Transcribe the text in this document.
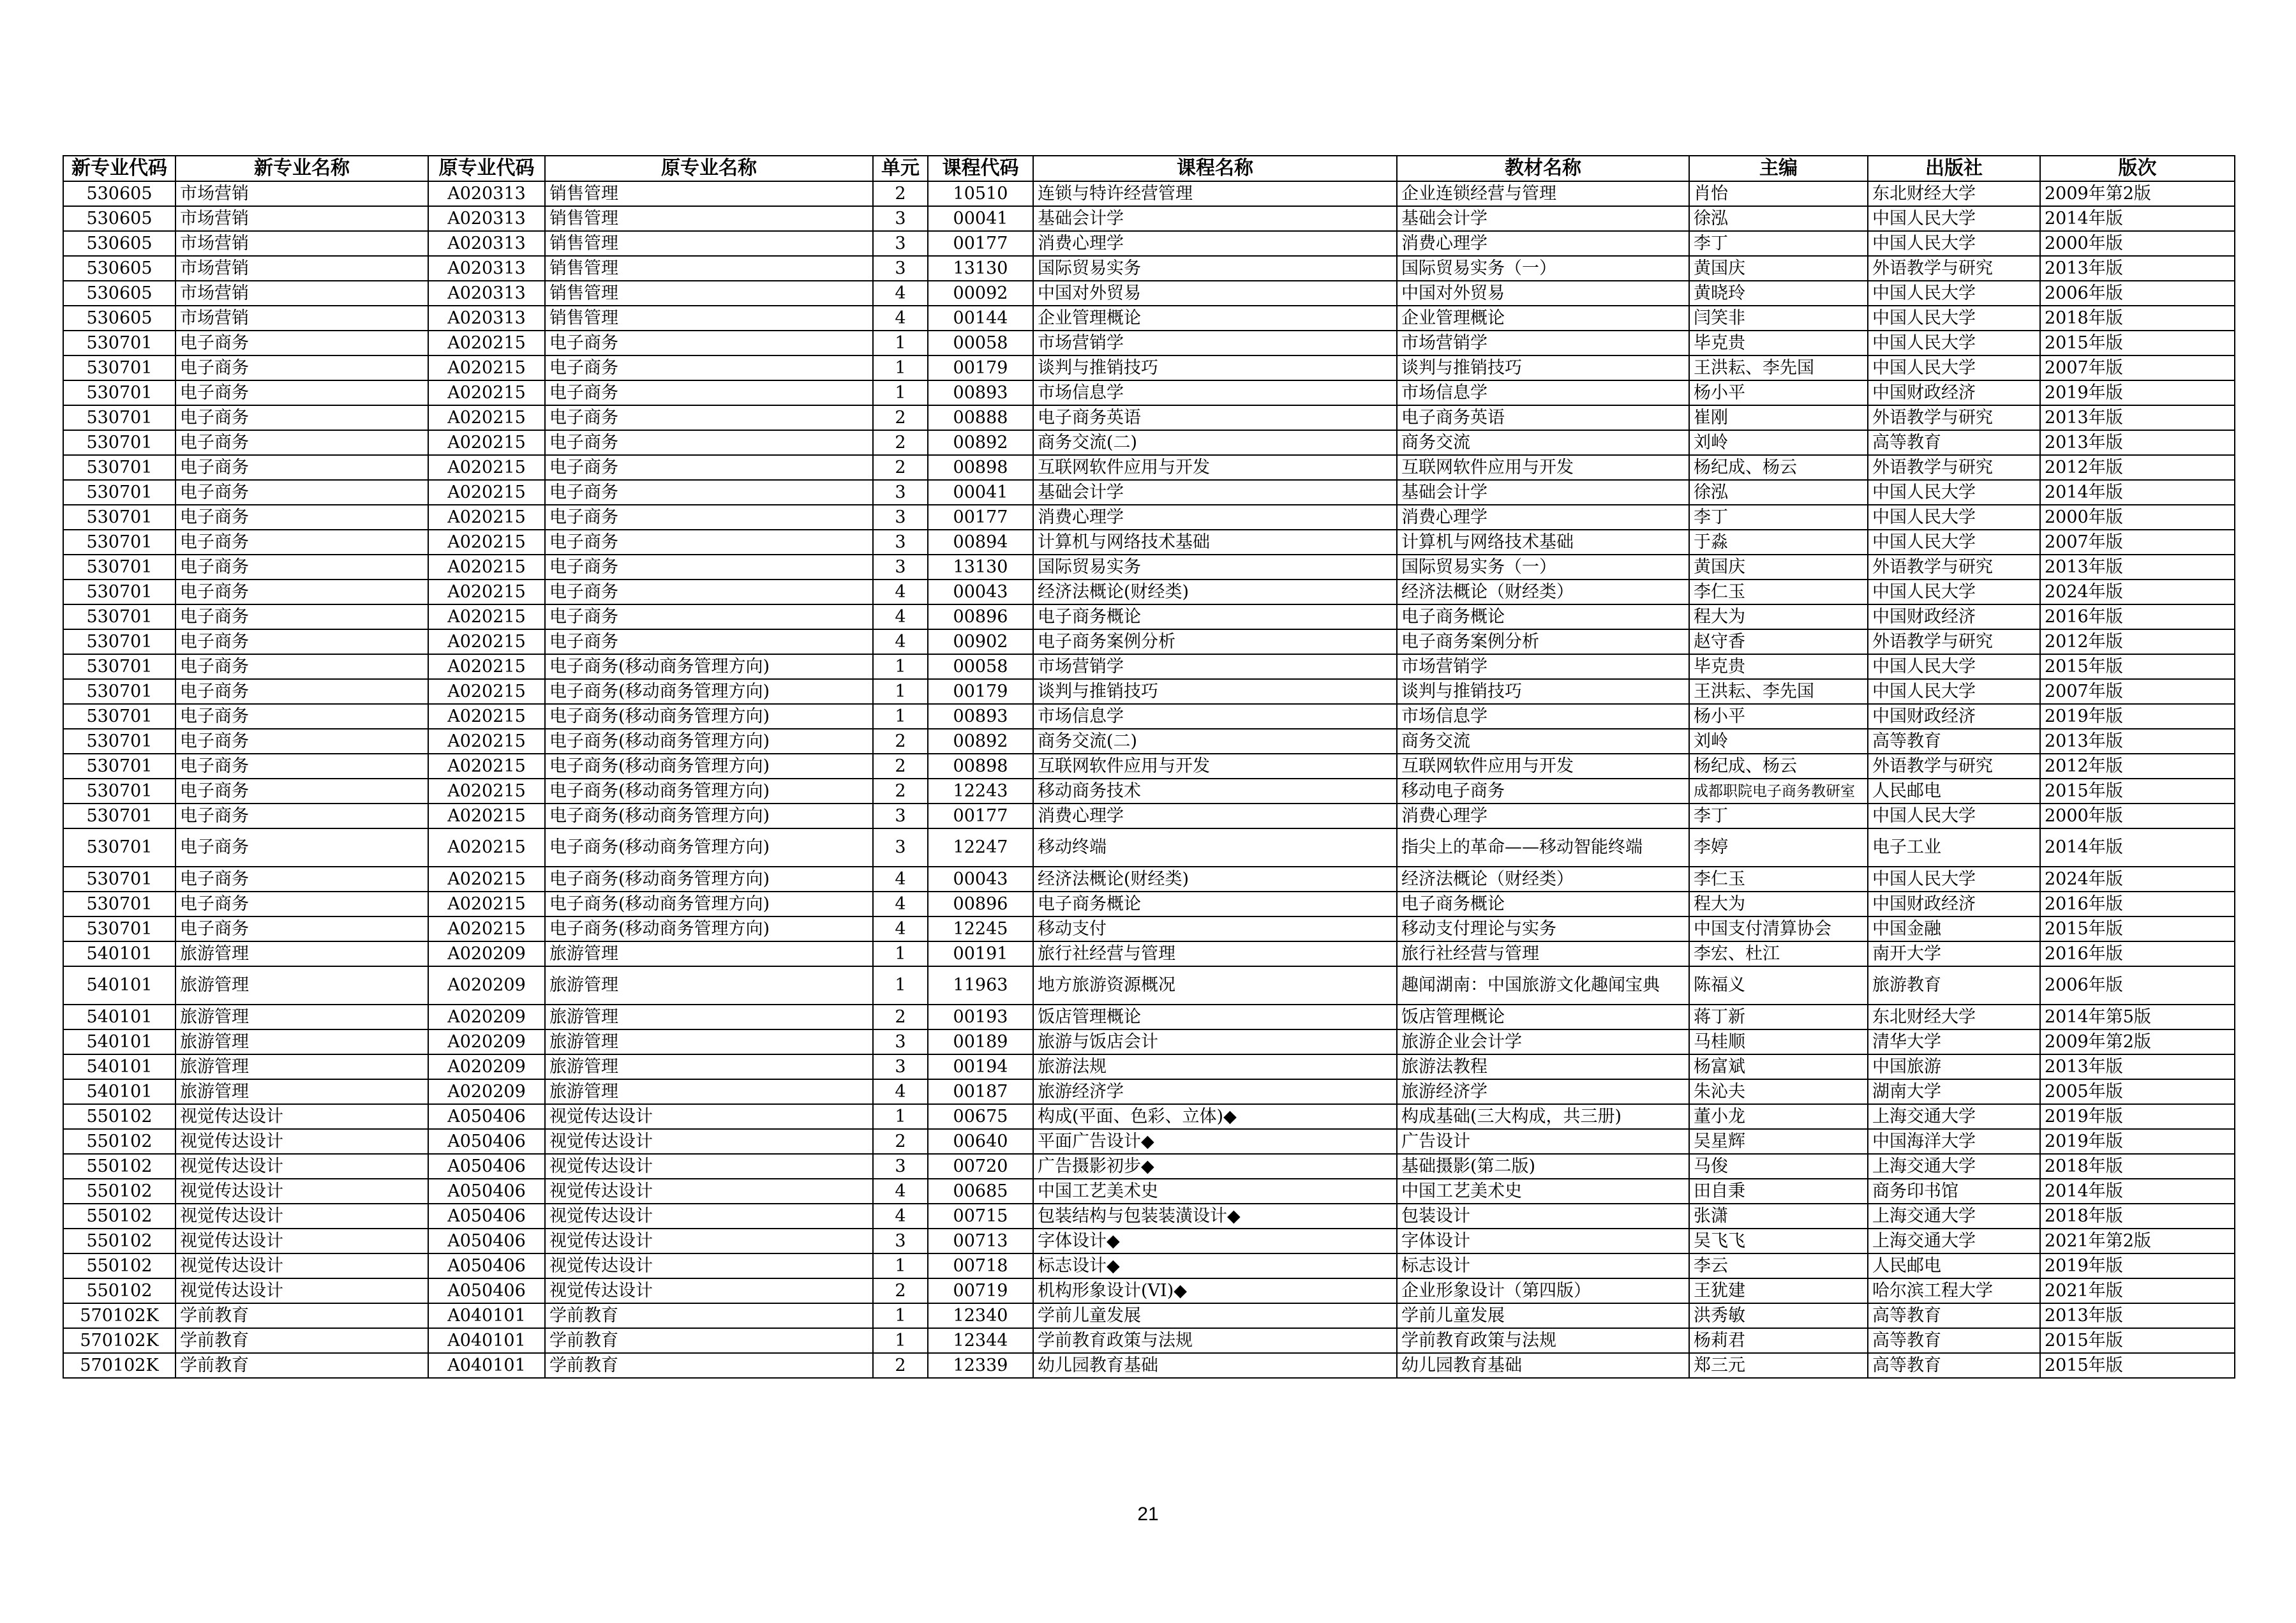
新专业代码	新专业名称	原专业代码	原专业名称	单元	课程代码	课程名称	教材名称	主编	出版社	版次
530605	市场营销	A020313	销售管理	2	10510	连锁与特许经营管理	企业连锁经营与管理	肖怡	东北财经大学	2009年第2版
530605	市场营销	A020313	销售管理	3	00041	基础会计学	基础会计学	徐泓	中国人民大学	2014年版
530605	市场营销	A020313	销售管理	3	00177	消费心理学	消费心理学	李丁	中国人民大学	2000年版
530605	市场营销	A020313	销售管理	3	13130	国际贸易实务	国际贸易实务（一）	黄国庆	外语教学与研究	2013年版
530605	市场营销	A020313	销售管理	4	00092	中国对外贸易	中国对外贸易	黄晓玲	中国人民大学	2006年版
530605	市场营销	A020313	销售管理	4	00144	企业管理概论	企业管理概论	闫笑非	中国人民大学	2018年版
530701	电子商务	A020215	电子商务	1	00058	市场营销学	市场营销学	毕克贵	中国人民大学	2015年版
530701	电子商务	A020215	电子商务	1	00179	谈判与推销技巧	谈判与推销技巧	王洪耘、李先国	中国人民大学	2007年版
530701	电子商务	A020215	电子商务	1	00893	市场信息学	市场信息学	杨小平	中国财政经济	2019年版
530701	电子商务	A020215	电子商务	2	00888	电子商务英语	电子商务英语	崔刚	外语教学与研究	2013年版
530701	电子商务	A020215	电子商务	2	00892	商务交流(二)	商务交流	刘岭	高等教育	2013年版
530701	电子商务	A020215	电子商务	2	00898	互联网软件应用与开发	互联网软件应用与开发	杨纪成、杨云	外语教学与研究	2012年版
530701	电子商务	A020215	电子商务	3	00041	基础会计学	基础会计学	徐泓	中国人民大学	2014年版
530701	电子商务	A020215	电子商务	3	00177	消费心理学	消费心理学	李丁	中国人民大学	2000年版
530701	电子商务	A020215	电子商务	3	00894	计算机与网络技术基础	计算机与网络技术基础	于淼	中国人民大学	2007年版
530701	电子商务	A020215	电子商务	3	13130	国际贸易实务	国际贸易实务（一）	黄国庆	外语教学与研究	2013年版
530701	电子商务	A020215	电子商务	4	00043	经济法概论(财经类)	经济法概论（财经类）	李仁玉	中国人民大学	2024年版
530701	电子商务	A020215	电子商务	4	00896	电子商务概论	电子商务概论	程大为	中国财政经济	2016年版
530701	电子商务	A020215	电子商务	4	00902	电子商务案例分析	电子商务案例分析	赵守香	外语教学与研究	2012年版
530701	电子商务	A020215	电子商务(移动商务管理方向)	1	00058	市场营销学	市场营销学	毕克贵	中国人民大学	2015年版
530701	电子商务	A020215	电子商务(移动商务管理方向)	1	00179	谈判与推销技巧	谈判与推销技巧	王洪耘、李先国	中国人民大学	2007年版
530701	电子商务	A020215	电子商务(移动商务管理方向)	1	00893	市场信息学	市场信息学	杨小平	中国财政经济	2019年版
530701	电子商务	A020215	电子商务(移动商务管理方向)	2	00892	商务交流(二)	商务交流	刘岭	高等教育	2013年版
530701	电子商务	A020215	电子商务(移动商务管理方向)	2	00898	互联网软件应用与开发	互联网软件应用与开发	杨纪成、杨云	外语教学与研究	2012年版
530701	电子商务	A020215	电子商务(移动商务管理方向)	2	12243	移动商务技术	移动电子商务	成都职院电子商务教研室	人民邮电	2015年版
530701	电子商务	A020215	电子商务(移动商务管理方向)	3	00177	消费心理学	消费心理学	李丁	中国人民大学	2000年版
530701	电子商务	A020215	电子商务(移动商务管理方向)	3	12247	移动终端	指尖上的革命——移动智能终端	李婷	电子工业	2014年版
530701	电子商务	A020215	电子商务(移动商务管理方向)	4	00043	经济法概论(财经类)	经济法概论（财经类）	李仁玉	中国人民大学	2024年版
530701	电子商务	A020215	电子商务(移动商务管理方向)	4	00896	电子商务概论	电子商务概论	程大为	中国财政经济	2016年版
530701	电子商务	A020215	电子商务(移动商务管理方向)	4	12245	移动支付	移动支付理论与实务	中国支付清算协会	中国金融	2015年版
540101	旅游管理	A020209	旅游管理	1	00191	旅行社经营与管理	旅行社经营与管理	李宏、杜江	南开大学	2016年版
540101	旅游管理	A020209	旅游管理	1	11963	地方旅游资源概况	趣闻湖南：中国旅游文化趣闻宝典	陈福义	旅游教育	2006年版
540101	旅游管理	A020209	旅游管理	2	00193	饭店管理概论	饭店管理概论	蒋丁新	东北财经大学	2014年第5版
540101	旅游管理	A020209	旅游管理	3	00189	旅游与饭店会计	旅游企业会计学	马桂顺	清华大学	2009年第2版
540101	旅游管理	A020209	旅游管理	3	00194	旅游法规	旅游法教程	杨富斌	中国旅游	2013年版
540101	旅游管理	A020209	旅游管理	4	00187	旅游经济学	旅游经济学	朱沁夫	湖南大学	2005年版
550102	视觉传达设计	A050406	视觉传达设计	1	00675	构成(平面、色彩、立体)◆	构成基础(三大构成，共三册)	董小龙	上海交通大学	2019年版
550102	视觉传达设计	A050406	视觉传达设计	2	00640	平面广告设计◆	广告设计	吴星辉	中国海洋大学	2019年版
550102	视觉传达设计	A050406	视觉传达设计	3	00720	广告摄影初步◆	基础摄影(第二版)	马俊	上海交通大学	2018年版
550102	视觉传达设计	A050406	视觉传达设计	4	00685	中国工艺美术史	中国工艺美术史	田自秉	商务印书馆	2014年版
550102	视觉传达设计	A050406	视觉传达设计	4	00715	包装结构与包装装潢设计◆	包装设计	张潇	上海交通大学	2018年版
550102	视觉传达设计	A050406	视觉传达设计	3	00713	字体设计◆	字体设计	吴飞飞	上海交通大学	2021年第2版
550102	视觉传达设计	A050406	视觉传达设计	1	00718	标志设计◆	标志设计	李云	人民邮电	2019年版
550102	视觉传达设计	A050406	视觉传达设计	2	00719	机构形象设计(VI)◆	企业形象设计（第四版）	王犹建	哈尔滨工程大学	2021年版
570102K	学前教育	A040101	学前教育	1	12340	学前儿童发展	学前儿童发展	洪秀敏	高等教育	2013年版
570102K	学前教育	A040101	学前教育	1	12344	学前教育政策与法规	学前教育政策与法规	杨莉君	高等教育	2015年版
570102K	学前教育	A040101	学前教育	2	12339	幼儿园教育基础	幼儿园教育基础	郑三元	高等教育	2015年版
21
